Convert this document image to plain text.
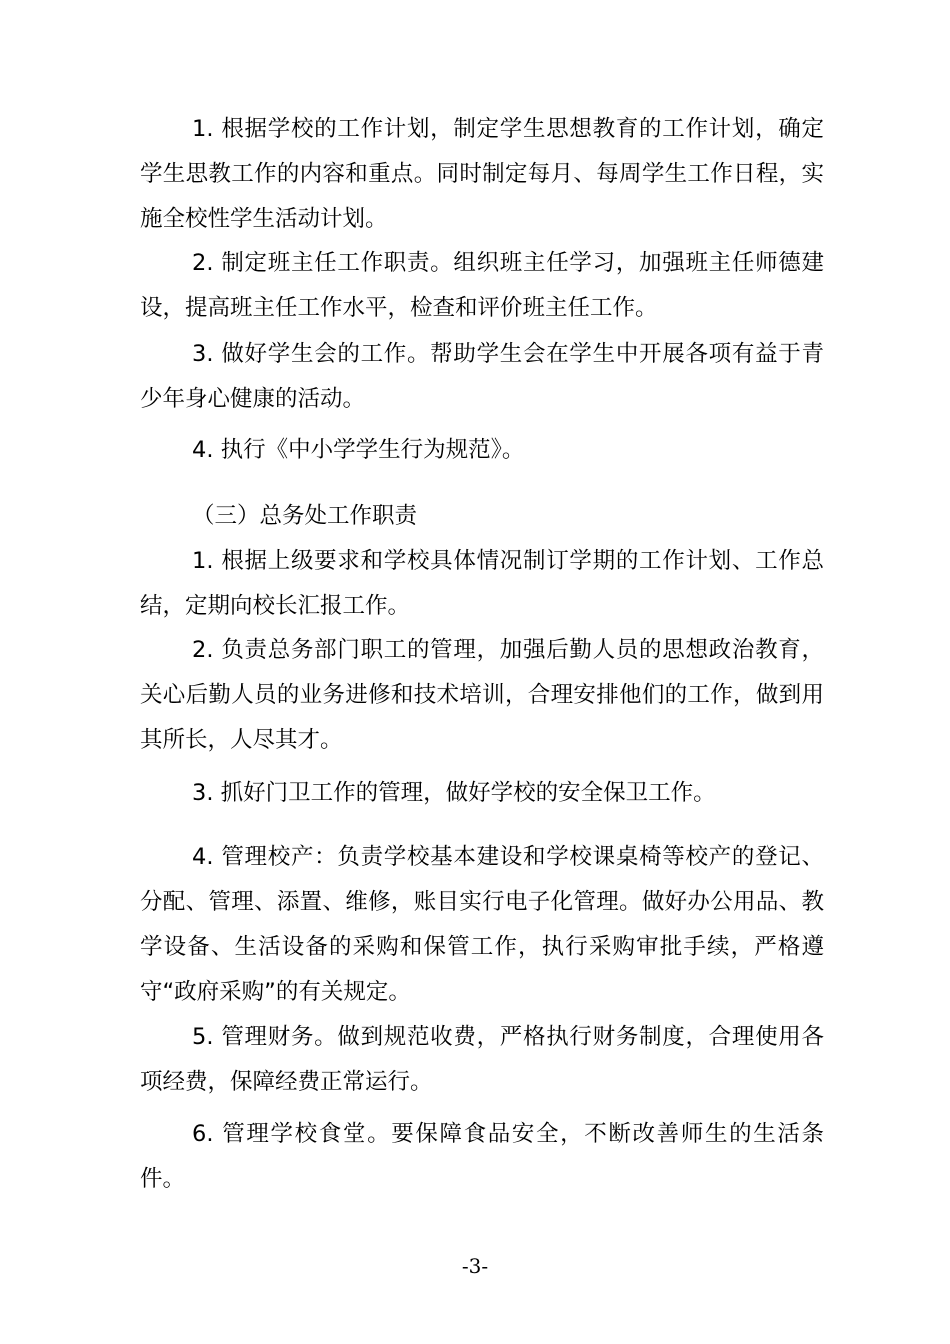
1. 根据学校的工作计划，制定学生思想教育的工作计划，确定学生思教工作的内容和重点。同时制定每月、每周学生工作日程，实施全校性学生活动计划。

2. 制定班主任工作职责。组织班主任学习，加强班主任师德建设，提高班主任工作水平，检查和评价班主任工作。

3. 做好学生会的工作。帮助学生会在学生中开展各项有益于青少年身心健康的活动。

4. 执行《中小学学生行为规范》。

（三）总务处工作职责

1. 根据上级要求和学校具体情况制订学期的工作计划、工作总结，定期向校长汇报工作。

2. 负责总务部门职工的管理，加强后勤人员的思想政治教育，关心后勤人员的业务进修和技术培训，合理安排他们的工作，做到用其所长，人尽其才。

3. 抓好门卫工作的管理，做好学校的安全保卫工作。

4. 管理校产：负责学校基本建设和学校课桌椅等校产的登记、分配、管理、添置、维修，账目实行电子化管理。做好办公用品、教学设备、生活设备的采购和保管工作，执行采购审批手续，严格遵守“政府采购”的有关规定。

5. 管理财务。做到规范收费，严格执行财务制度，合理使用各项经费，保障经费正常运行。

6. 管理学校食堂。要保障食品安全，不断改善师生的生活条件。

-3-
